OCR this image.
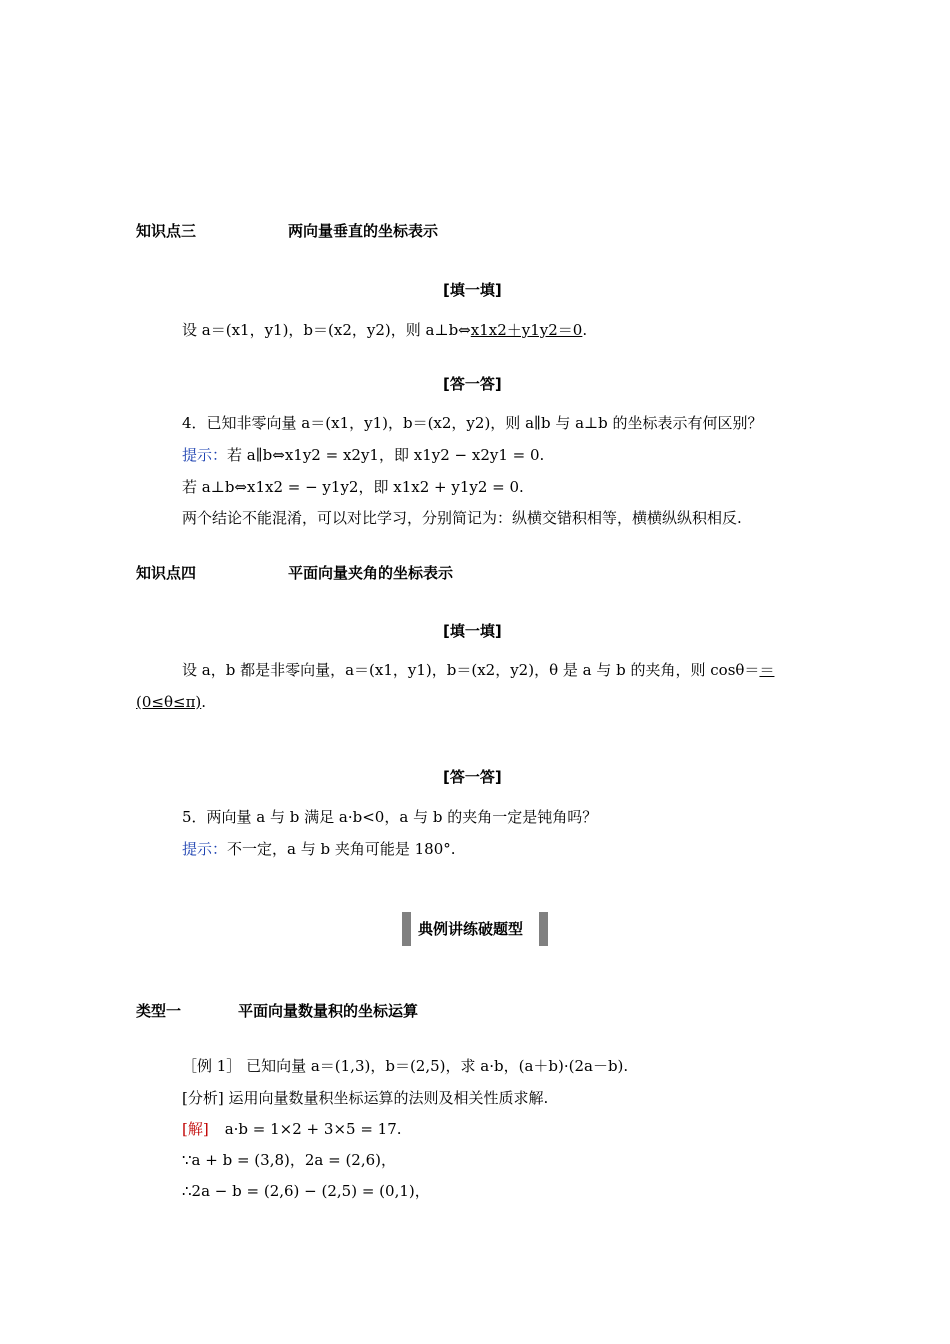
知识点三	两向量垂直的坐标表示
[填一填]
设 a＝(x1，y1)，b＝(x2，y2)，则 a⊥b⇔x1x2＋y1y2＝0.
[答一答]
4．已知非零向量 a＝(x1，y1)，b＝(x2，y2)，则 a∥b 与 a⊥b 的坐标表示有何区别？
提示：若 a∥b⇔x1y2 = x2y1，即 x1y2 − x2y1 = 0.
若 a⊥b⇔x1x2 = − y1y2，即 x1x2 + y1y2 = 0.
两个结论不能混淆，可以对比学习，分别简记为：纵横交错积相等，横横纵纵积相反.
知识点四	平面向量夹角的坐标表示
[填一填]
设 a，b 都是非零向量，a＝(x1，y1)，b＝(x2，y2)，θ 是 a 与 b 的夹角，则 cosθ＝＝
(0≤θ≤π).
[答一答]
5．两向量 a 与 b 满足 a·b<0，a 与 b 的夹角一定是钝角吗？
提示：不一定，a 与 b 夹角可能是 180°.
典例讲练破题型
类型一	平面向量数量积的坐标运算
［例 1］ 已知向量 a＝(1,3)，b＝(2,5)，求 a·b，(a＋b)·(2a－b).
[分析] 运用向量数量积坐标运算的法则及相关性质求解.
[解] a·b = 1×2 + 3×5 = 17.
∵a + b = (3,8)，2a = (2,6)，
∴2a − b = (2,6) − (2,5) = (0,1)，
